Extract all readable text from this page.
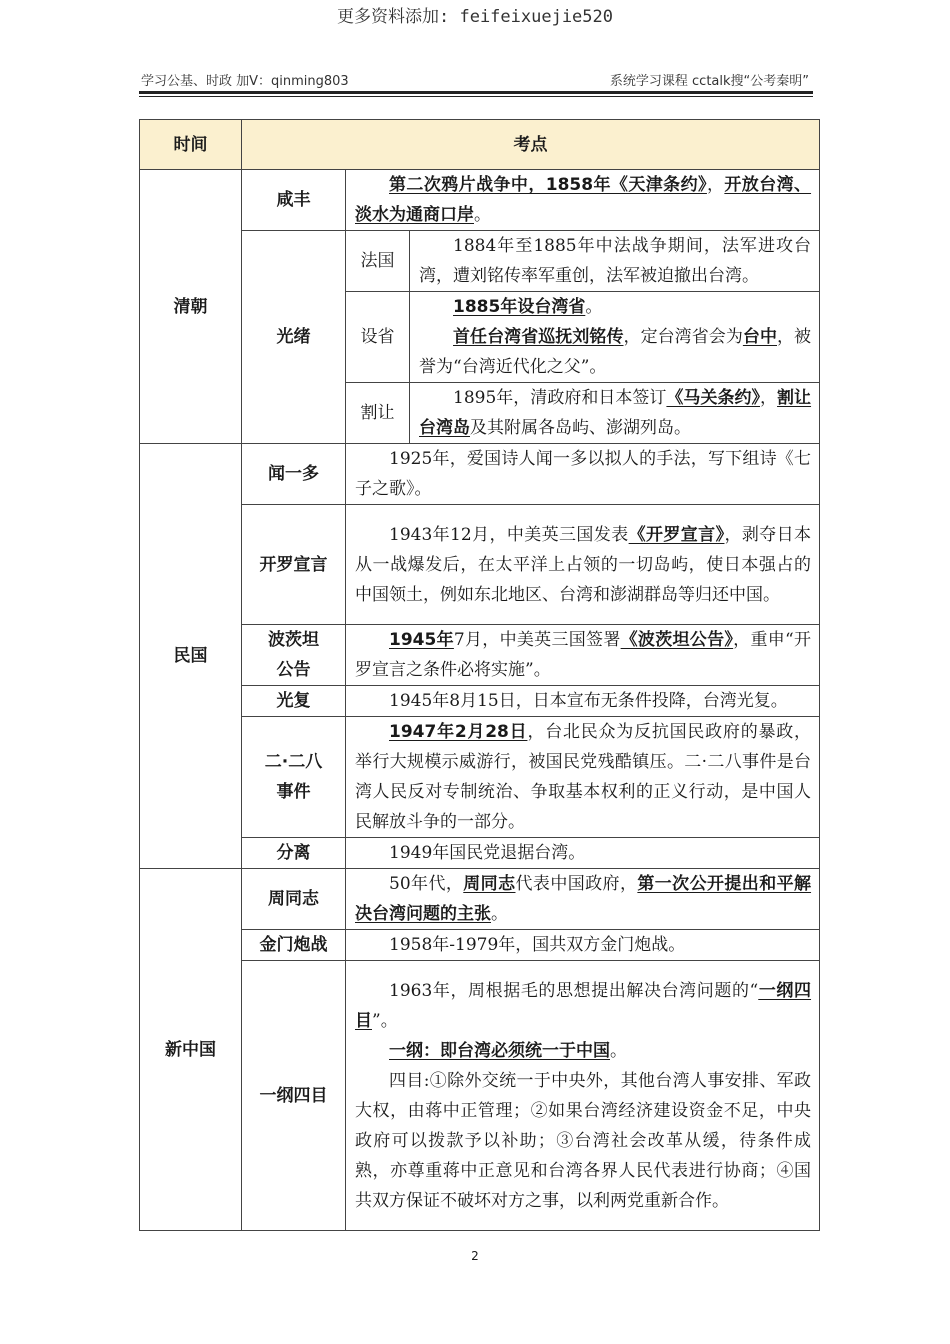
更多资料添加: feifeixuejie520
学习公基、时政 加V：qinming803	系统学习课程 cctalk搜“公考秦明”
时间	考点		
清朝	咸丰	第二次鸦片战争中，1858年《天津条约》，开放台湾、淡水为通商口岸。	

	光绪	法国	1884年至1885年中法战争期间，法军进攻台湾，遭刘铭传率军重创，法军被迫撤出台湾。

		设省	1885年设台湾省。

首任台湾省巡抚刘铭传，定台湾省会为台中，被誉为“台湾近代化之父”。

		割让	1895年，清政府和日本签订《马关条约》，割让台湾岛及其附属各岛屿、澎湖列岛。

民国	闻一多	1925年，爱国诗人闻一多以拟人的手法，写下组诗《七子之歌》。	

	开罗宣言	1943年12月，中美英三国发表《开罗宣言》，剥夺日本从一战爆发后，在太平洋上占领的一切岛屿，使日本强占的中国领土，例如东北地区、台湾和澎湖群岛等归还中国。	

	波茨坦
公告	1945年7月，中美英三国签署《波茨坦公告》，重申“开罗宣言之条件必将实施”。	

	光复	1945年8月15日，日本宣布无条件投降，台湾光复。	

	二·二八
事件	1947年2月28日，台北民众为反抗国民政府的暴政，举行大规模示威游行，被国民党残酷镇压。二·二八事件是台湾人民反对专制统治、争取基本权利的正义行动，是中国人民解放斗争的一部分。	

	分离	1949年国民党退据台湾。	

新中国	周同志	50年代，周同志代表中国政府，第一次公开提出和平解决台湾问题的主张。	

	金门炮战	1958年-1979年，国共双方金门炮战。	

	一纲四目	1963年，周根据毛的思想提出解决台湾问题的“一纲四目”。

一纲：即台湾必须统一于中国。

四目:①除外交统一于中央外，其他台湾人事安排、军政大权，由蒋中正管理；②如果台湾经济建设资金不足，中央政府可以拨款予以补助；③台湾社会改革从缓，待条件成熟，亦尊重蒋中正意见和台湾各界人民代表进行协商；④国共双方保证不破坏对方之事，以利两党重新合作。	

2
